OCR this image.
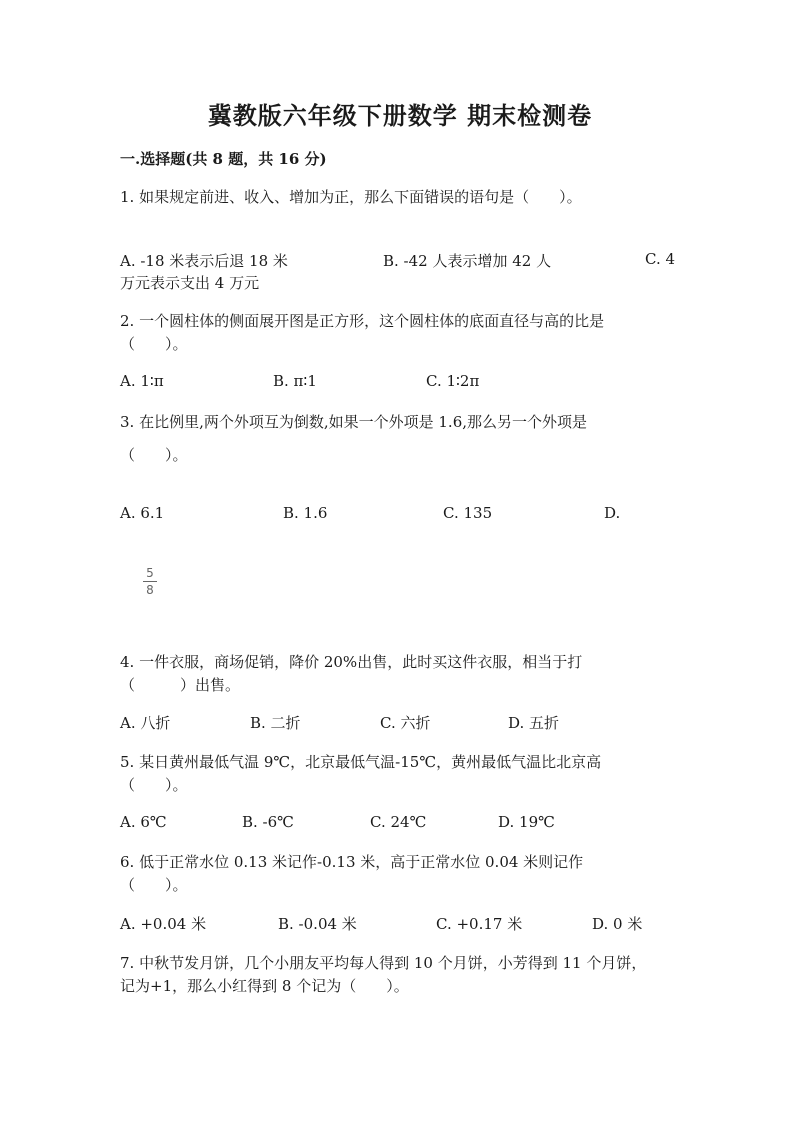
冀教版六年级下册数学 期末检测卷
一.选择题(共 8 题，共 16 分)
1. 如果规定前进、收入、增加为正，那么下面错误的语句是（　　）。
A. -18 米表示后退 18 米	B. -42 人表示增加 42 人	C. 4
万元表示支出 4 万元
2. 一个圆柱体的侧面展开图是正方形，这个圆柱体的底面直径与高的比是
（　　）。
A. 1∶π	B. π∶1	C. 1∶2π
3. 在比例里,两个外项互为倒数,如果一个外项是 1.6,那么另一个外项是
（　　）。
A. 6.1	B. 1.6	C. 135	D.
5
8
4. 一件衣服，商场促销，降价 20%出售，此时买这件衣服，相当于打
（　　　）出售。
A. 八折	B. 二折	C. 六折	D. 五折
5. 某日黄州最低气温 9℃，北京最低气温-15℃，黄州最低气温比北京高
（　　）。
A. 6℃	B. -6℃	C. 24℃	D. 19℃
6. 低于正常水位 0.13 米记作-0.13 米，高于正常水位 0.04 米则记作
（　　）。
A. +0.04 米	B. -0.04 米	C. +0.17 米	D. 0 米
7. 中秋节发月饼，几个小朋友平均每人得到 10 个月饼，小芳得到 11 个月饼，
记为+1，那么小红得到 8 个记为（　　）。
